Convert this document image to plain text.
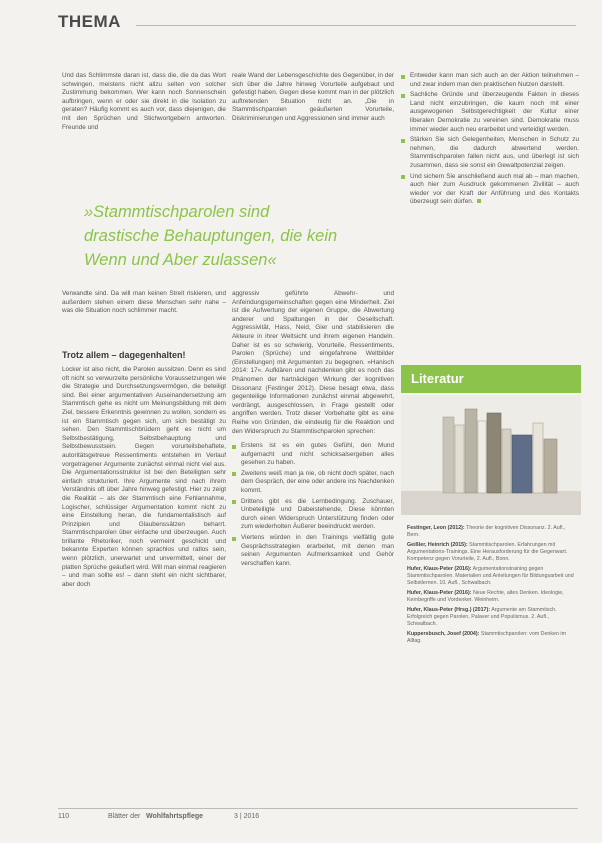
THEMA
Und das Schlimmste daran ist, dass die, die da das Wort schwingen, meistens nicht allzu selten von solcher Zustimmung bekommen. Wer kann noch Sonnenschein aufbringen, wenn er oder sie direkt in die Isolation zu geraten? Häufig kommt es auch vor, dass diejenigen, die mit den Sprüchen und Stichwortgebern antworten. Freunde und
reale Wand der Lebensgeschichte des Gegenüber, in der sich über die Jahre hinweg Vorurteile aufgebaut und gefestigt haben. Gegen diese kommt man in der plötzlich auftretenden Situation nicht an. „Die in Stammtischparolen geäußerten Vorurteile, Diskriminierungen und Aggressionen sind immer auch
Entweder kann man sich auch an der Aktion teilnehmen – und zwar indem man den praktischen Nutzen darstellt.
Sachliche Gründe und überzeugende Fakten in dieses Land nicht einzubringen, die kaum noch mit einer ausgewogenen Selbstgerechtigkeit der Kultur einer liberalen Demokratie zu vereinen sind. Demokratie muss immer wieder auch neu erarbeitet und verteidigt werden.
Stärken Sie sich Gelegenheiten, Menschen in Schutz zu nehmen, die dadurch abwertend werden. Stammtischparolen fallen nicht aus, und überlegt ist sich zusammen, dass sie sonst ein Gewaltpotenzial zeigen.
Und sichern Sie anschließend auch mal ab – man machen, auch hier zum Ausdruck gekommenen Zivilität – auch wieder vor der Kraft der Anführung und des Kontakts überzeugt sein dürfen.
»Stammtischparolen sind drastische Behauptungen, die kein Wenn und Aber zulassen«
Verwandte sind. Da will man keinen Streit riskieren, und außerdem stehen einem diese Menschen sehr nahe – was die Situation noch schlimmer macht.
Trotz allem – dagegenhalten!
Locker ist also nicht, die Parolen aussitzen. Denn es sind oft nicht so verwurzelte persönliche Voraussetzungen wie die Strategie und Durchsetzungsvermögen, die beteiligt sind. Bei einer argumentativen Auseinandersetzung am Stammtisch gehe es nicht um Meinungsbildung mit dem Ziel, bessere Erkenntnis gewinnen zu wollen, sondern es ist ein Stammtisch gegen sich, um sich bestätigt zu sehen. Den Stammtischbrüdern geht es nicht um Selbstbestätigung, Selbstbehauptung und Selbstbewusstsein. Gegen vorurteilsbehaftete, autoritätsgetreue Ressentiments entstehen im Verlauf vorgetragener Argumente zunächst einmal nicht viel aus. Die Argumentationsstruktur ist bei den Beteiligten sehr einfach strukturiert. Ihre Argumente sind nach ihrem Verständnis oft über Jahre hinweg gefestigt. Hier zu zeigt die Realität – als der Stammtisch eine Fehlannahme, Logischer, schlüssiger Argumentation kommt nicht zu eine Einstellung heran, die fundamentalistisch auf Prinzipien und Glaubenssätzen beharrt. Stammtischparolen über einfache und überzeugen. Auch brillante Rhetoriker, noch vermeint geschickt und bekannte Experten können sprachlos und ratlos sein, wenn plötzlich, unerwartet und unvermittelt, einer der platten Sprüche geäußert wird. Will man einmal reagieren – und man sollte es! – dann steht ein nicht sichtbarer, aber doch

aggressiv geführte Abwehr- und Anfeindungsgemeinschaften gegen eine Minderheit. Ziel ist die Aufwertung der eigenen Gruppe, die Abwertung anderer und Spaltungen in der Gesellschaft. Aggressivität, Hass, Neid, Gier und stabilisieren die Akteure in ihrer Weltsicht und ihrem eigenen Handeln. Daher ist es so schwierig, Vorurteile, Ressentiments, Parolen (Sprüche) und eingefahrene Weltbilder (Einstellungen) mit Argumenten zu begegnen. »Hanisch 2014: 17«. Aufklären und nachdenken gibt es noch das Phänomen der hartnäckigen Wirkung der kognitiven Dissonanz (Festinger 2012). Diese besagt etwa, dass gegenteilige Informationen zunächst einmal abgewehrt, verdrängt, ausgeschlossen, in Frage gestellt oder angriffen werden. Trotz dieser Vorbehalte gibt es eine Reihe von Gründen, die eindeutig für die Reaktion und den Widerspruch zu Stammtischparolen sprechen:

Erstens ist es ein gutes Gefühl, den Mund aufgemacht und nicht schicksalsergeben alles gesehen zu haben.
Zweitens weiß man ja nie, ob nicht doch später, nach dem Gespräch, der eine oder andere ins Nachdenken kommt.
Drittens gibt es die Lernbedingung. Zuschauer, Unbeteiligte und Dabeistehende, Diese könnten durch einen Widerspruch Unterstützung finden oder zum wiederholten Äußerer beeindruckt werden.
Viertens würden in den Trainings vielfältig gute Gesprächsstrategien erarbeitet, mit denen man seinen Argumenten Aufmerksamkeit und Gehör verschaffen kann.
Literatur

Festinger, Leon (2012): Theorie der kognitiven Dissonanz. 2. Aufl., Bern.

Geißler, Heinrich (2015): Stammtischparolen. Erfahrungen mit Argumentations-Trainings. Eine Herausforderung für die Gegenwart. Kompetenz gegen Vorurteile, 2. Aufl., Bonn.

Hufer, Klaus-Peter (2016): Argumentationstraining gegen Stammtischparolen. Materialien und Anleitungen für Bildungsarbeit und Selbstlernen. 10. Aufl., Schwalbach.

Hufer, Klaus-Peter (2016): Neue Rechte, altes Denken. Ideologie, Kernbegriffe und Vordenker. Weinheim.

Hufer, Klaus-Peter (Hrsg.) (2017): Argumente am Stammtisch. Erfolgreich gegen Parolen, Palaver und Populismus. 2. Aufl., Schwalbach.

Kuppersbusch, Josef (2004): Stammtischparolen: vom Denken im Alltag.

110	Blätter der Wohlfahrtspflege	3 | 2016
